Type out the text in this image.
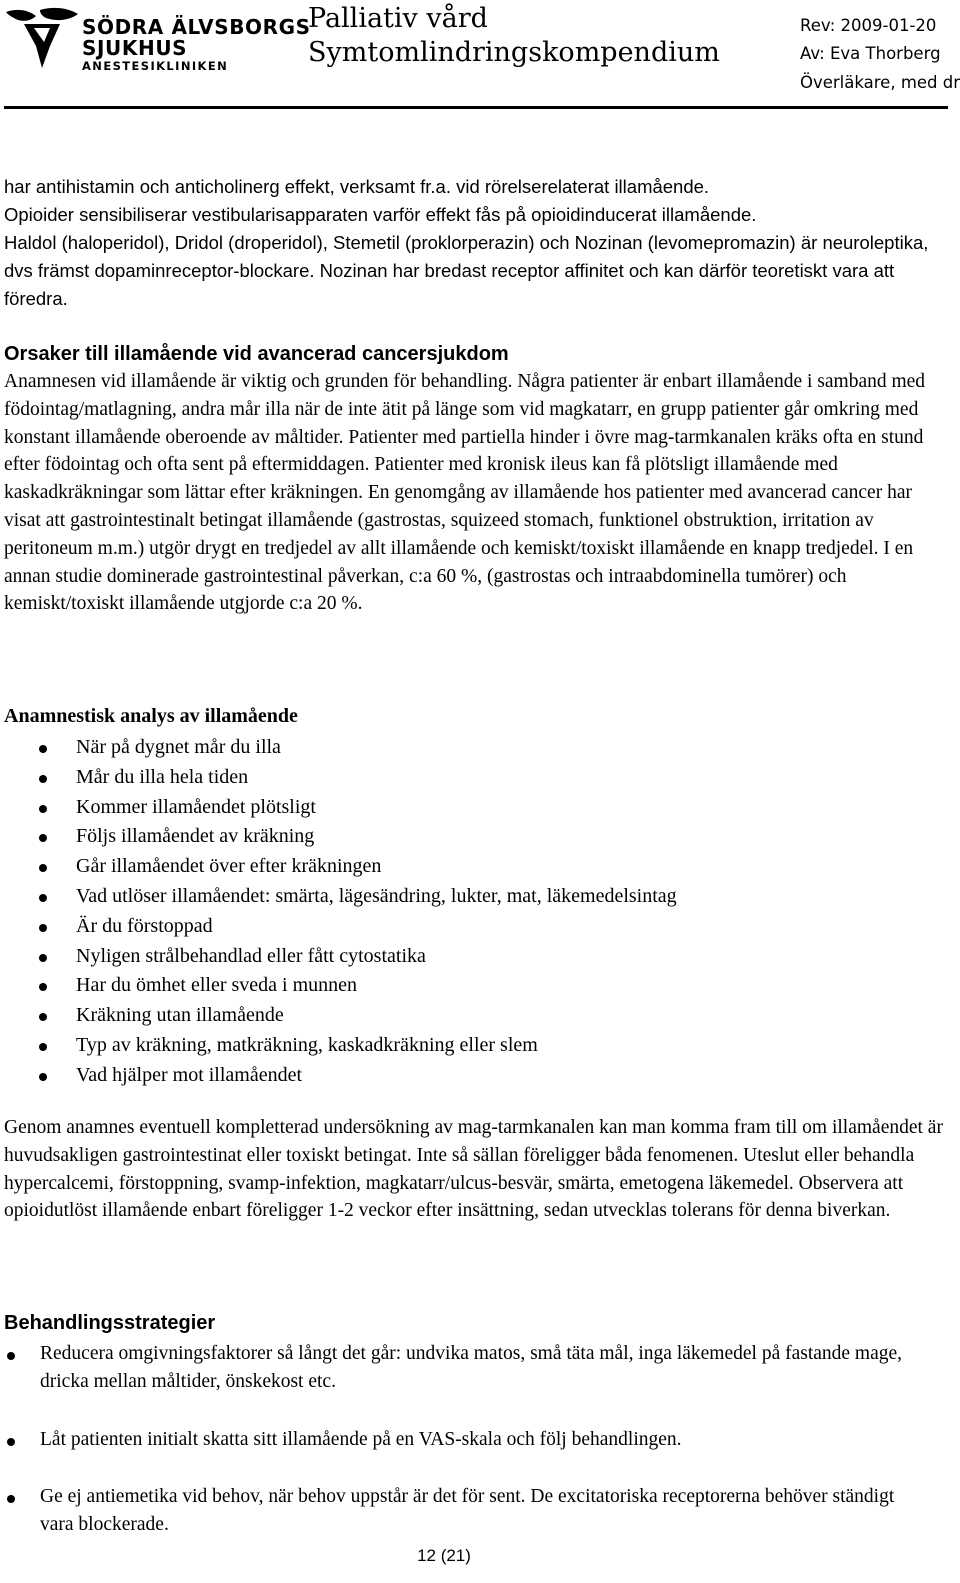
SÖDRA ÄLVSBORGS
SJUKHUS
ANESTESIKLINIKEN
Palliativ vård
Symtomlindringskompendium
Rev: 2009-01-20
Av: Eva Thorberg
Överläkare, med dr
har antihistamin och anticholinerg effekt, verksamt fr.a. vid rörelserelaterat illamående.
Opioider sensibiliserar vestibularisapparaten varför effekt fås på opioidinducerat illamående.

Haldol (haloperidol), Dridol (droperidol), Stemetil (proklorperazin) och Nozinan (levomepromazin) är neuroleptika, dvs främst dopaminreceptor-blockare. Nozinan har bredast receptor affinitet och kan därför teoretiskt vara att föredra.

Orsaker till illamående vid avancerad cancersjukdom

Anamnesen vid illamående är viktig och grunden för behandling. Några patienter är enbart illamående i samband med födointag/matlagning, andra mår illa när de inte ätit på länge som vid magkatarr, en grupp patienter går omkring med konstant illamående oberoende av måltider. Patienter med partiella hinder i övre mag-tarmkanalen kräks ofta en stund efter födointag och ofta sent på eftermiddagen. Patienter med kronisk ileus kan få plötsligt illamående med kaskadkräkningar som lättar efter kräkningen. En genomgång av illamående hos patienter med avancerad cancer har visat att gastrointestinalt betingat illamående (gastrostas, squizeed stomach, funktionel obstruktion, irritation av peritoneum m.m.) utgör drygt en tredjedel av allt illamående och kemiskt/toxiskt illamående en knapp tredjedel. I en annan studie dominerade gastrointestinal påverkan, c:a 60 %, (gastrostas och intraabdominella tumörer) och kemiskt/toxiskt illamående utgjorde c:a 20 %.

Anamnestisk analys av illamående
När på dygnet mår du illa
Mår du illa hela tiden
Kommer illamåendet plötsligt
Följs illamåendet av kräkning
Går illamåendet över efter kräkningen
Vad utlöser illamåendet: smärta, lägesändring, lukter, mat, läkemedelsintag
Är du förstoppad
Nyligen strålbehandlad eller fått cytostatika
Har du ömhet eller sveda i munnen
Kräkning utan illamående
Typ av kräkning, matkräkning, kaskadkräkning eller slem
Vad hjälper mot illamåendet

Genom anamnes eventuell kompletterad undersökning av mag-tarmkanalen kan man komma fram till om illamåendet är huvudsakligen gastrointestinat eller toxiskt betingat. Inte så sällan föreligger båda fenomenen. Uteslut eller behandla hypercalcemi, förstoppning, svamp-infektion, magkatarr/ulcus-besvär, smärta, emetogena läkemedel. Observera att opioidutlöst illamående enbart föreligger 1-2 veckor efter insättning, sedan utvecklas tolerans för denna biverkan.

Behandlingsstrategier
Reducera omgivningsfaktorer så långt det går: undvika matos, små täta mål, inga läkemedel på fastande mage, dricka mellan måltider, önskekost etc.
Låt patienten initialt skatta sitt illamående på en VAS-skala och följ behandlingen.
Ge ej antiemetika vid behov, när behov uppstår är det för sent. De excitatoriska receptorerna behöver ständigt vara blockerade.
12 (21)
